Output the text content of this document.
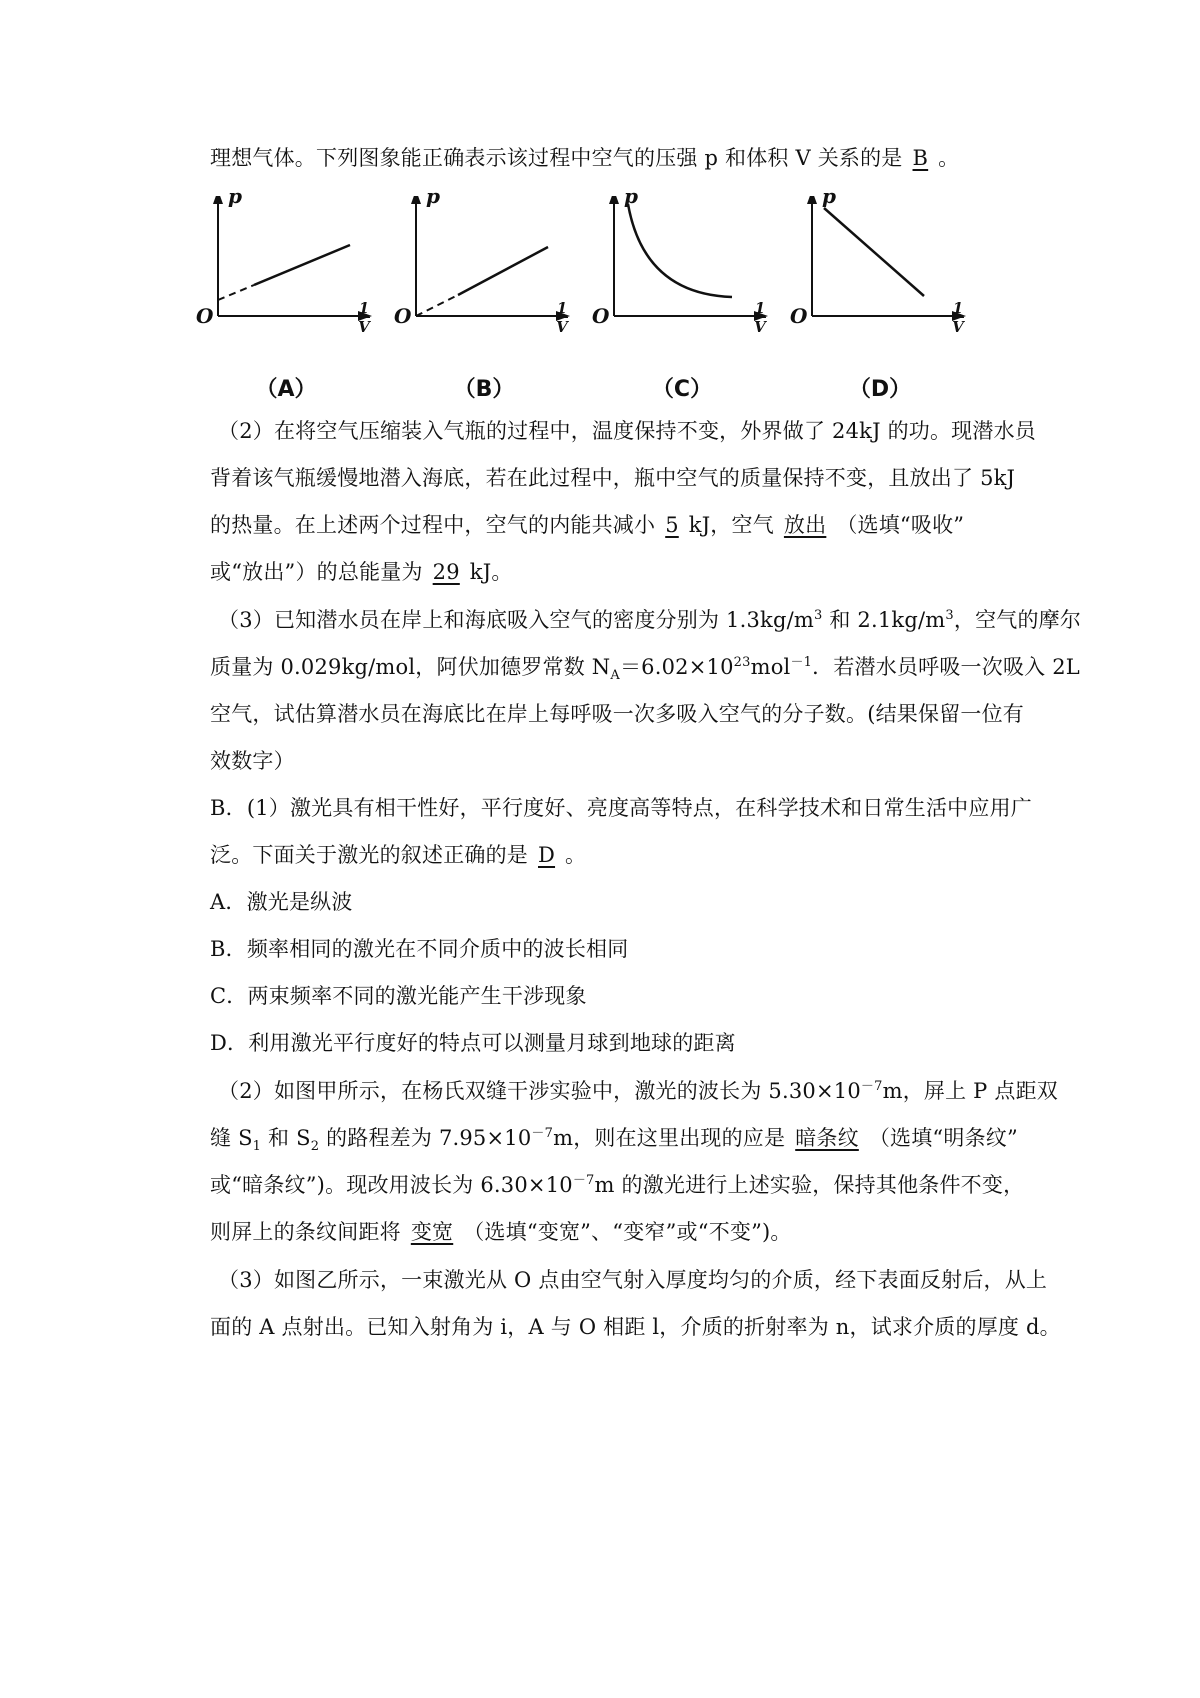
理想气体。下列图象能正确表示该过程中空气的压强 p 和体积 V 关系的是 B 。
p
O	1
V
（A）
p
O	1
V
（B）
p
O	1
V
（C）
p
O	1
V
（D）
（2）在将空气压缩装入气瓶的过程中，温度保持不变，外界做了 24kJ 的功。现潜水员
背着该气瓶缓慢地潜入海底，若在此过程中，瓶中空气的质量保持不变，且放出了 5kJ
的热量。在上述两个过程中，空气的内能共减小 5 kJ，空气 放出 （选填“吸收”
或“放出”）的总能量为 29 kJ。
（3）已知潜水员在岸上和海底吸入空气的密度分别为 $1.3kg/m^3$ 和 $2.1kg/m^3$，空气的摩尔
质量为 0.029kg/mol，阿伏加德罗常数 $N_A=6.02\times 10^{23}mol^{-1}$．若潜水员呼吸一次吸入 2L
空气，试估算潜水员在海底比在岸上每呼吸一次多吸入空气的分子数。(结果保留一位有
效数字）
B．(1）激光具有相干性好，平行度好、亮度高等特点，在科学技术和日常生活中应用广
泛。下面关于激光的叙述正确的是 D 。
A．激光是纵波
B．频率相同的激光在不同介质中的波长相同
C．两束频率不同的激光能产生干涉现象
D．利用激光平行度好的特点可以测量月球到地球的距离
（2）如图甲所示，在杨氏双缝干涉实验中，激光的波长为 $5.30\times 10^{-7}m$，屏上 P 点距双
缝 $S_1$ 和 $S_2$ 的路程差为 $7.95\times 10^{-7}m$，则在这里出现的应是 暗条纹 （选填“明条纹”
或“暗条纹”)。现改用波长为 $6.30\times 10^{-7}m$ 的激光进行上述实验，保持其他条件不变，
则屏上的条纹间距将 变宽 （选填“变宽”、“变窄”或“不变”)。
（3）如图乙所示，一束激光从 O 点由空气射入厚度均匀的介质，经下表面反射后，从上
面的 A 点射出。已知入射角为 i，A 与 O 相距 l，介质的折射率为 n，试求介质的厚度 d。
